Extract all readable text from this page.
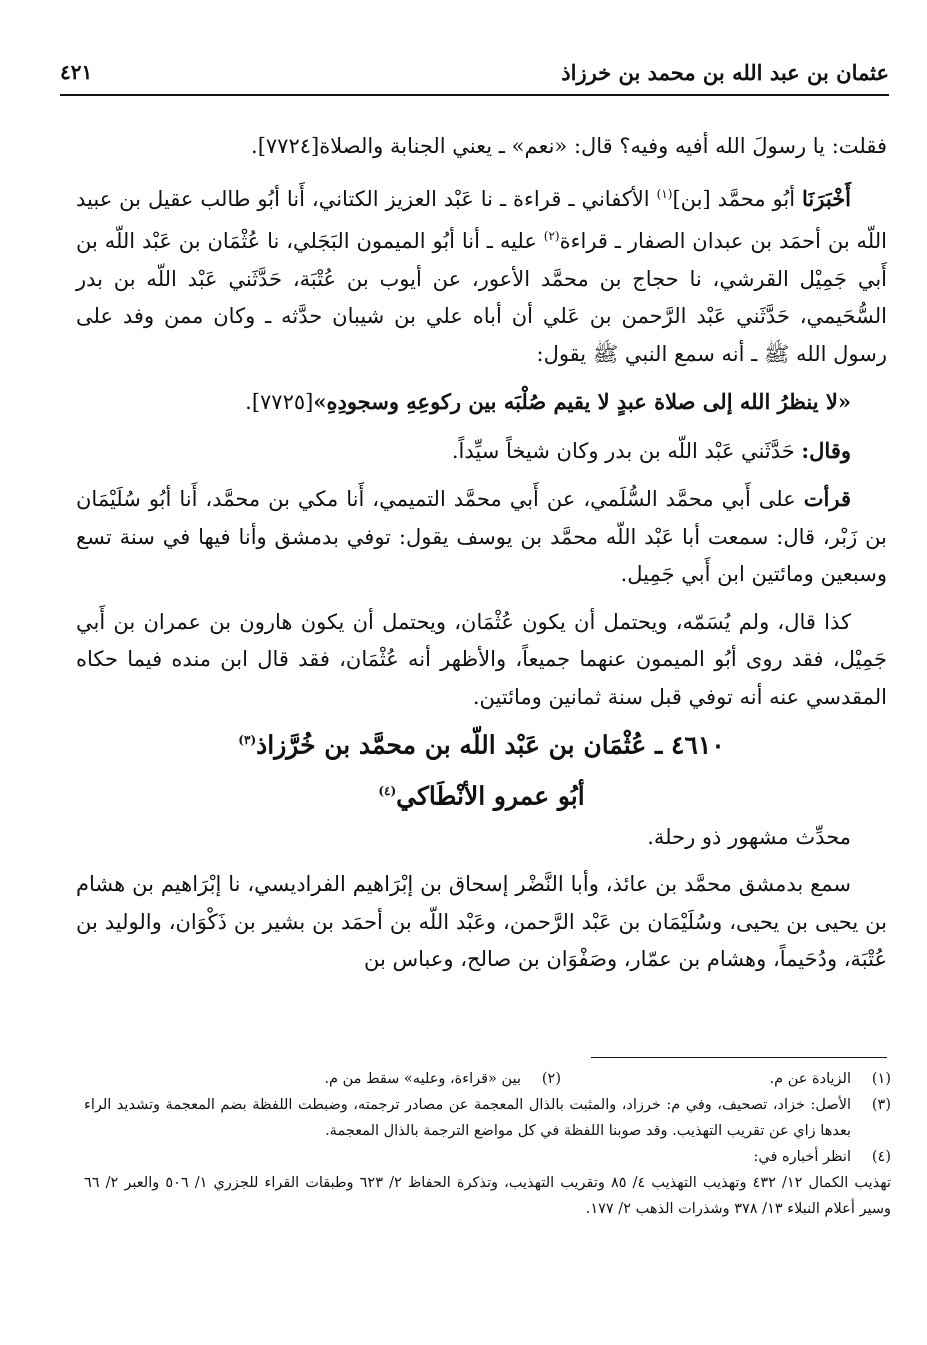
٤٢١	عثمان بن عبد الله بن محمد بن خرزاذ

فقلت: يا رسولَ الله أفيه وفيه؟ قال: «نعم» ـ يعني الجنابة والصلاة[٧٧٢٤].

أَخْبَرَنَا أبُو محمَّد [بن]$^{(١)}$ الأكفاني ـ قراءة ـ نا عَبْد العزيز الكتاني، أَنا أبُو طالب عقيل بن عبيد اللّه بن أحمَد بن عبدان الصفار ـ قراءة$^{(٢)}$ عليه ـ أنا أبُو الميمون البَجَلي، نا عُثْمَان بن عَبْد اللّه بن أَبي جَمِيْل القرشي، نا حجاج بن محمَّد الأعور، عن أيوب بن عُتْبَة، حَدَّثَني عَبْد اللّه بن بدر السُّحَيمي، حَدَّثَني عَبْد الرَّحمن بن عَلي أن أباه علي بن شيبان حدَّثه ـ وكان ممن وفد على رسول الله ﷺ ـ أنه سمع النبي ﷺ يقول:

«لا ينظرُ الله إلى صلاة عبدٍ لا يقيم صُلْبَه بين ركوعِهِ وسجودِهِ»[٧٧٢٥].

وقال: حَدَّثَني عَبْد اللّه بن بدر وكان شيخاً سيِّداً.

قرأت على أَبي محمَّد السُّلَمي، عن أَبي محمَّد التميمي، أَنا مكي بن محمَّد، أَنا أبُو سُلَيْمَان بن زَبْر، قال: سمعت أبا عَبْد اللّه محمَّد بن يوسف يقول: توفي بدمشق وأنا فيها في سنة تسع وسبعين ومائتين ابن أَبي جَمِيل.

كذا قال، ولم يُسَمّه، ويحتمل أن يكون عُثْمَان، ويحتمل أن يكون هارون بن عمران بن أَبي جَمِيْل، فقد روى أبُو الميمون عنهما جميعاً، والأظهر أنه عُثْمَان، فقد قال ابن منده فيما حكاه المقدسي عنه أنه توفي قبل سنة ثمانين ومائتين.

٤٦١٠ ـ عُثْمَان بن عَبْد اللّه بن محمَّد بن خُرَّزاذ$^{(٣)}$

أبُو عمرو الأنْطَاكي$^{(٤)}$

محدِّث مشهور ذو رحلة.

سمع بدمشق محمَّد بن عائذ، وأبا النَّضْر إسحاق بن إبْرَاهيم الفراديسي، نا إبْرَاهيم بن هشام بن يحيى بن يحيى، وسُلَيْمَان بن عَبْد الرَّحمن، وعَبْد اللّه بن أحمَد بن بشير بن ذَكْوَان، والوليد بن عُتْبَة، ودُحَيماً، وهشام بن عمّار، وصَفْوَان بن صالح، وعباس بن

(١)
الزيادة عن م.
(٢)
بين «قراءة، وعليه» سقط من م.
(٣)
الأصل: خزاد، تصحيف، وفي م: خرزاد، والمثبت بالذال المعجمة عن مصادر ترجمته، وضبطت اللفظة بضم المعجمة وتشديد الراء بعدها زاي عن تقريب التهذيب. وقد صوبنا اللفظة في كل مواضع الترجمة بالذال المعجمة.
(٤)
انظر أخباره في:
تهذيب الكمال ١٢/ ٤٣٢ وتهذيب التهذيب ٤/ ٨٥ وتقريب التهذيب، وتذكرة الحفاظ ٢/ ٦٢٣ وطبقات القراء للجزري ١/ ٥٠٦ والعبر ٢/ ٦٦ وسير أعلام النبلاء ١٣/ ٣٧٨ وشذرات الذهب ٢/ ١٧٧.
